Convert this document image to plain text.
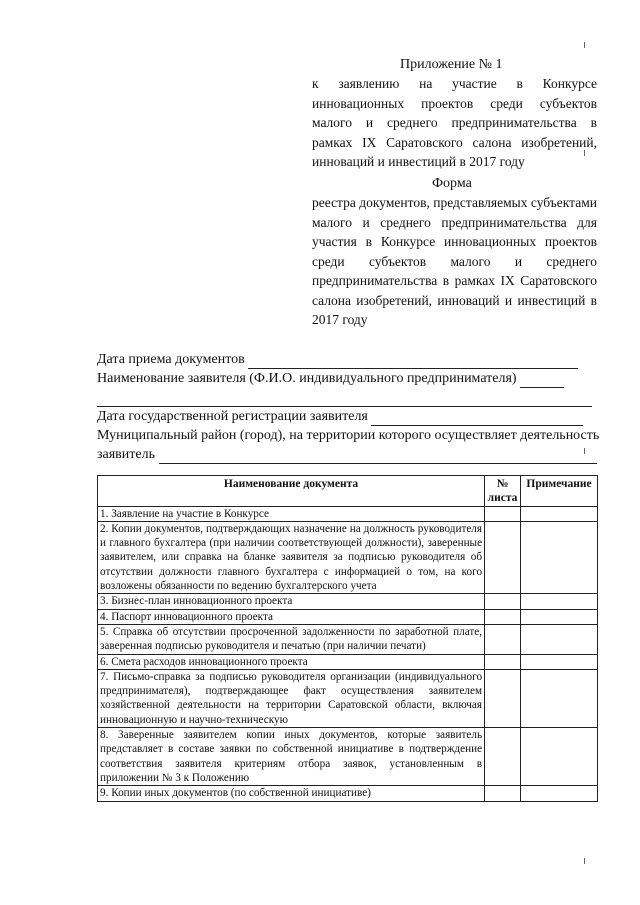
Приложение № 1
к заявлению на участие в Конкурсе инновационных проектов среди субъектов малого и среднего предпринимательства в рамках IX Саратовского салона изобретений, инноваций и инвестиций в 2017 году
Форма
реестра документов, представляемых субъектами малого и среднего предпринимательства для участия в Конкурсе инновационных проектов среди субъектов малого и среднего предпринимательства в рамках IX Саратовского салона изобретений, инноваций и инвестиций в 2017 году
Дата приема документов
Наименование заявителя (Ф.И.О. индивидуального предпринимателя)
Дата государственной регистрации заявителя
Муниципальный район (город), на территории которого осуществляет деятельность
заявитель
Наименование документа	№ листа	Примечание
1. Заявление на участие в Конкурсе		
2. Копии документов, подтверждающих назначение на должность руководителя и главного бухгалтера (при наличии соответствующей должности), заверенные заявителем, или справка на бланке заявителя за подписью руководителя об отсутствии должности главного бухгалтера с информацией о том, на кого возложены обязанности по ведению бухгалтерского учета		
3. Бизнес-план инновационного проекта		
4. Паспорт инновационного проекта		
5. Справка об отсутствии просроченной задолженности по заработной плате, заверенная подписью руководителя и печатью (при наличии печати)		
6. Смета расходов инновационного проекта		
7. Письмо-справка за подписью руководителя организации (индивидуального предпринимателя), подтверждающее факт осуществления заявителем хозяйственной деятельности на территории Саратовской области, включая инновационную и научно-техническую		
8. Заверенные заявителем копии иных документов, которые заявитель представляет в составе заявки по собственной инициативе в подтверждение соответствия заявителя критериям отбора заявок, установленным в приложении № 3 к Положению		
9. Копии иных документов (по собственной инициативе)		
